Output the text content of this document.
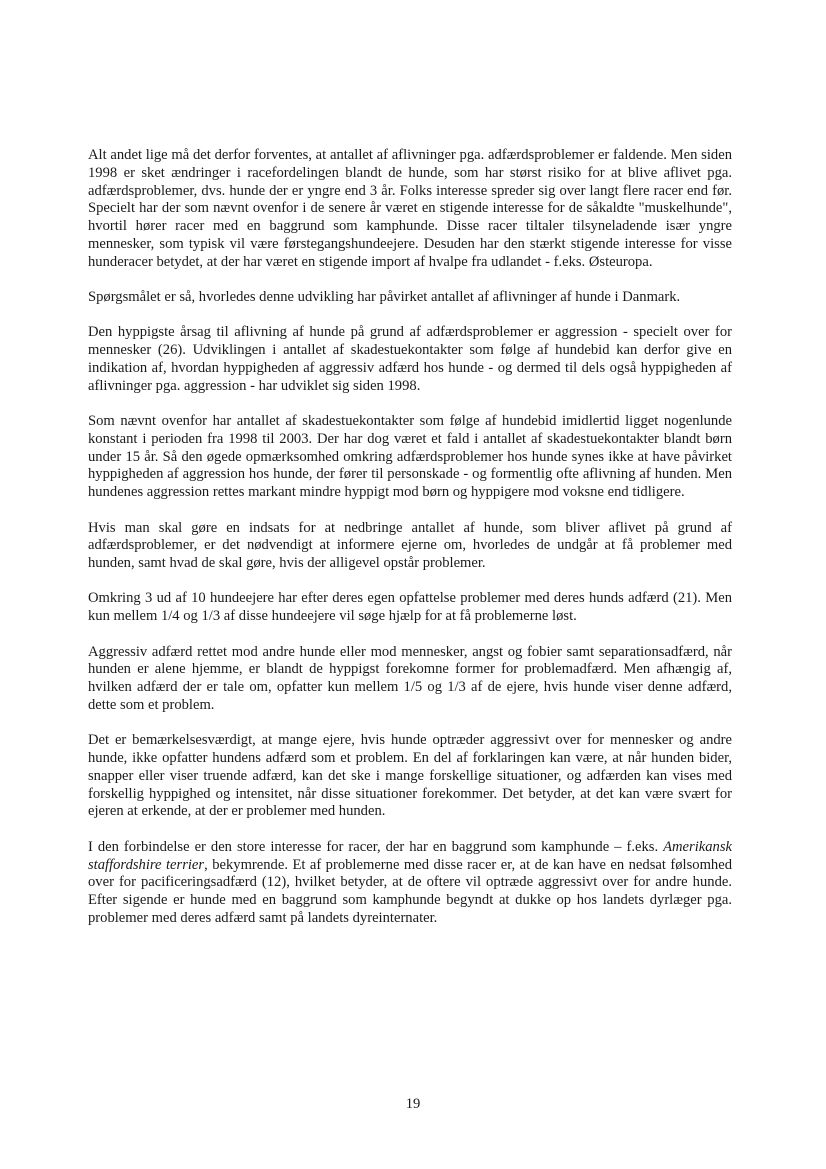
Alt andet lige må det derfor forventes, at antallet af aflivninger pga. adfærdsproblemer er faldende. Men siden 1998 er sket ændringer i racefordelingen blandt de hunde, som har størst risiko for at blive aflivet pga. adfærdsproblemer, dvs. hunde der er yngre end 3 år. Folks interesse spreder sig over langt flere racer end før. Specielt har der som nævnt ovenfor i de senere år været en stigende interesse for de såkaldte "muskelhunde", hvortil hører racer med en baggrund som kamphunde. Disse racer tiltaler tilsyneladende især yngre mennesker, som typisk vil være førstegangshundeejere. Desuden har den stærkt stigende interesse for visse hunderacer betydet, at der har været en stigende import af hvalpe fra udlandet - f.eks. Østeuropa.

Spørgsmålet er så, hvorledes denne udvikling har påvirket antallet af aflivninger af hunde i Danmark.

Den hyppigste årsag til aflivning af hunde på grund af adfærdsproblemer er aggression - specielt over for mennesker (26). Udviklingen i antallet af skadestuekontakter som følge af hundebid kan derfor give en indikation af, hvordan hyppigheden af aggressiv adfærd hos hunde - og dermed til dels også hyppigheden af aflivninger pga. aggression - har udviklet sig siden 1998.

Som nævnt ovenfor har antallet af skadestuekontakter som følge af hundebid imidlertid ligget nogenlunde konstant i perioden fra 1998 til 2003. Der har dog været et fald i antallet af skadestuekontakter blandt børn under 15 år. Så den øgede opmærksomhed omkring adfærdsproblemer hos hunde synes ikke at have påvirket hyppigheden af aggression hos hunde, der fører til personskade - og formentlig ofte aflivning af hunden. Men hundenes aggression rettes markant mindre hyppigt mod børn og hyppigere mod voksne end tidligere.

Hvis man skal gøre en indsats for at nedbringe antallet af hunde, som bliver aflivet på grund af adfærdsproblemer, er det nødvendigt at informere ejerne om, hvorledes de undgår at få problemer med hunden, samt hvad de skal gøre, hvis der alligevel opstår problemer.

Omkring 3 ud af 10 hundeejere har efter deres egen opfattelse problemer med deres hunds adfærd (21). Men kun mellem 1/4 og 1/3 af disse hundeejere vil søge hjælp for at få problemerne løst.

Aggressiv adfærd rettet mod andre hunde eller mod mennesker, angst og fobier samt separationsadfærd, når hunden er alene hjemme, er blandt de hyppigst forekomne former for problemadfærd. Men afhængig af, hvilken adfærd der er tale om, opfatter kun mellem 1/5 og 1/3 af de ejere, hvis hunde viser denne adfærd, dette som et problem.

Det er bemærkelsesværdigt, at mange ejere, hvis hunde optræder aggressivt over for mennesker og andre hunde, ikke opfatter hundens adfærd som et problem. En del af forklaringen kan være, at når hunden bider, snapper eller viser truende adfærd, kan det ske i mange forskellige situationer, og adfærden kan vises med forskellig hyppighed og intensitet, når disse situationer forekommer. Det betyder, at det kan være svært for ejeren at erkende, at der er problemer med hunden.

I den forbindelse er den store interesse for racer, der har en baggrund som kamphunde – f.eks. Amerikansk staffordshire terrier, bekymrende. Et af problemerne med disse racer er, at de kan have en nedsat følsomhed over for pacificeringsadfærd (12), hvilket betyder, at de oftere vil optræde aggressivt over for andre hunde. Efter sigende er hunde med en baggrund som kamphunde begyndt at dukke op hos landets dyrlæger pga. problemer med deres adfærd samt på landets dyreinternater.

19
